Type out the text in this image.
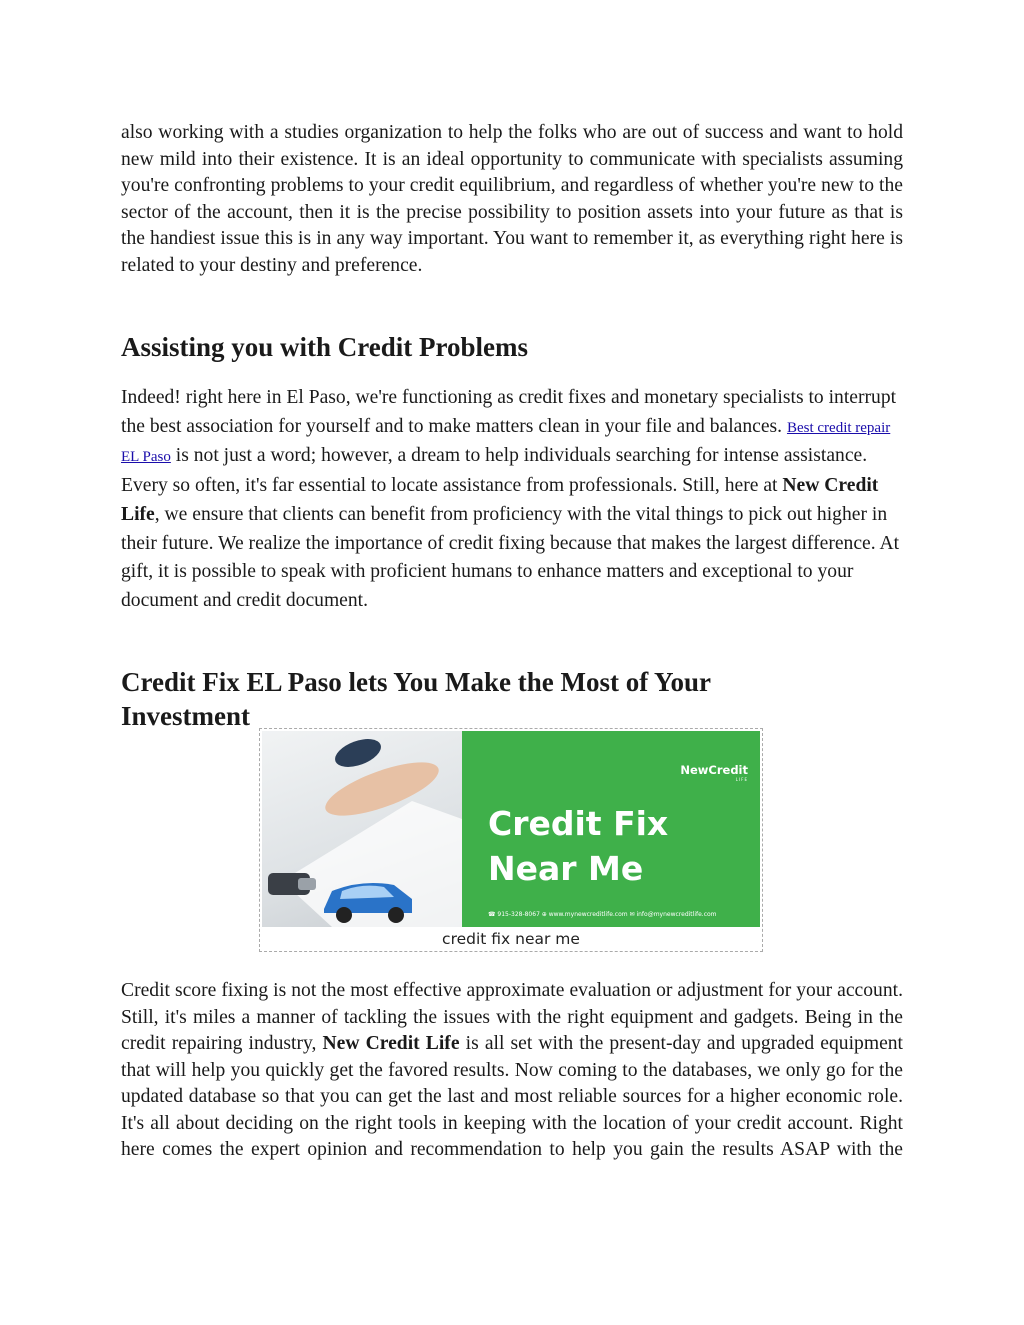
also working with a studies organization to help the folks who are out of success and want to hold new mild into their existence. It is an ideal opportunity to communicate with specialists assuming you're confronting problems to your credit equilibrium, and regardless of whether you're new to the sector of the account, then it is the precise possibility to position assets into your future as that is the handiest issue this is in any way important. You want to remember it, as everything right here is related to your destiny and preference.

Assisting you with Credit Problems

Indeed! right here in El Paso, we're functioning as credit fixes and monetary specialists to interrupt the best association for yourself and to make matters clean in your file and balances. Best credit repair EL Paso is not just a word; however, a dream to help individuals searching for intense assistance. Every so often, it's far essential to locate assistance from professionals. Still, here at New Credit Life, we ensure that clients can benefit from proficiency with the vital things to pick out higher in their future. We realize the importance of credit fixing because that makes the largest difference. At gift, it is possible to speak with proficient humans to enhance matters and exceptional to your document and credit document.

Credit Fix EL Paso lets You Make the Most of Your Investment
NewCredit
LIFE
Credit Fix
Near Me
☎ 915-328-8067 ⊕ www.mynewcreditlife.com ✉ info@mynewcreditlife.com
credit fix near me

Credit score fixing is not the most effective approximate evaluation or adjustment for your account. Still, it's miles a manner of tackling the issues with the right equipment and gadgets. Being in the credit repairing industry, New Credit Life is all set with the present-day and upgraded equipment that will help you quickly get the favored results. Now coming to the databases, we only go for the updated database so that you can get the last and most reliable sources for a higher economic role. It's all about deciding on the right tools in keeping with the location of your credit account. Right here comes the expert opinion and recommendation to help you gain the results ASAP with the
